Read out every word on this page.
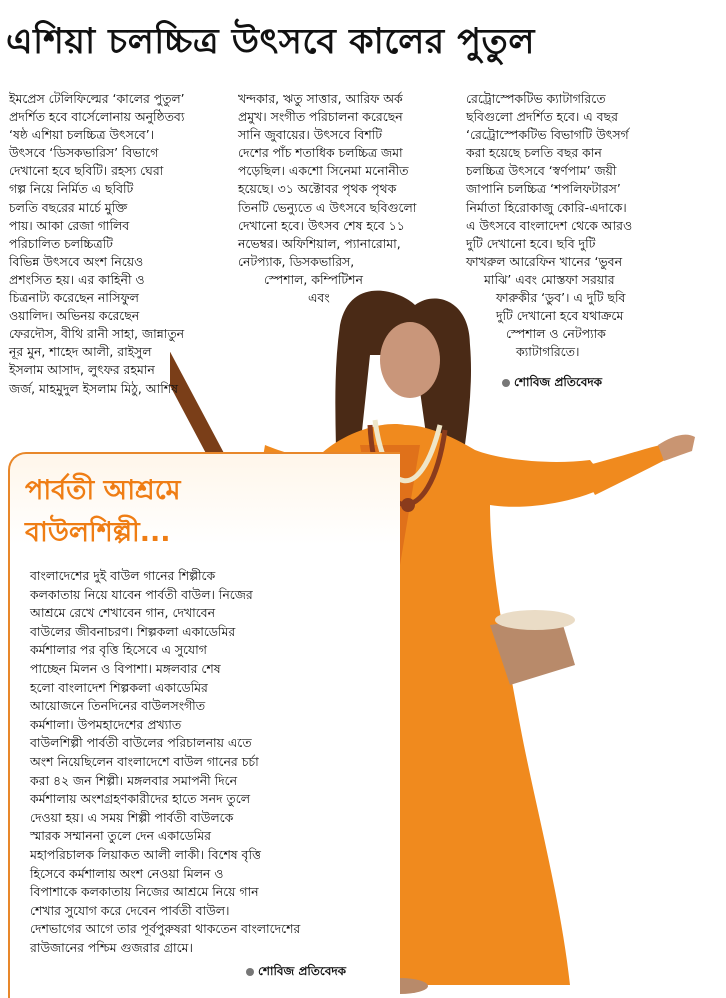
এশিয়া চলচ্চিত্র উৎসবে কালের পুতুল
ইমপ্রেস টেলিফিল্মের ‘কালের পুতুল’
প্রদর্শিত হবে বার্সেলোনায় অনুষ্ঠিতব্য
‘ষষ্ঠ এশিয়া চলচ্চিত্র উৎসবে’।
উৎসবে ‘ডিসকভারিস’ বিভাগে
দেখানো হবে ছবিটি। রহস্য ঘেরা
গল্প নিয়ে নির্মিত এ ছবিটি
চলতি বছরের মার্চে মুক্তি
পায়। আকা রেজা গালিব
পরিচালিত চলচ্চিত্রটি
বিভিন্ন উৎসবে অংশ নিয়েও
প্রশংসিত হয়। এর কাহিনী ও
চিত্রনাট্য করেছেন নাসিফুল
ওয়ালিদ। অভিনয় করেছেন
ফেরদৌস, বীথি রানী সাহা, জান্নাতুন
নূর মুন, শাহেদ আলী, রাইসুল
ইসলাম আসাদ, লুৎফর রহমান
জর্জ, মাহমুদুল ইসলাম মিঠু, আশিষ
খন্দকার, ঋতু সাত্তার, আরিফ অর্ক
প্রমুখ। সংগীত পরিচালনা করেছেন
সানি জুবায়ের। উৎসবে বিশটি
দেশের পাঁচ শতাধিক চলচ্চিত্র জমা
পড়েছিল। একশো সিনেমা মনোনীত
হয়েছে। ৩১ অক্টোবর পৃথক পৃথক
তিনটি ভেন্যুতে এ উৎসবে ছবিগুলো
দেখানো হবে। উৎসব শেষ হবে ১১
নভেম্বর। অফিশিয়াল, প্যানারোমা,
নেটপ্যাক, ডিসকভারিস,
স্পেশাল, কম্পিটিশন
এবং
রেট্রোস্পেকটিভ ক্যাটাগরিতে
ছবিগুলো প্রদর্শিত হবে। এ বছর
‘রেট্রোস্পেকটিভ বিভাগটি উৎসর্গ
করা হয়েছে চলতি বছর কান
চলচ্চিত্র উৎসবে ‘স্বর্ণপাম’ জয়ী
জাপানি চলচ্চিত্র ‘শপলিফটারস’
নির্মাতা হিরোকাজু কোরি-এদাকে।
এ উৎসবে বাংলাদেশ থেকে আরও
দুটি দেখানো হবে। ছবি দুটি
ফাখরুল আরেফিন খানের ‘ভুবন
মাঝি’ এবং মোস্তফা সরয়ার
ফারুকীর ‘ডুব’। এ দুটি ছবি
দুটি দেখানো হবে যথাক্রমে
স্পেশাল ও নেটপ্যাক
ক্যাটাগরিতে।
শোবিজ প্রতিবেদক
পার্বতী আশ্রমে
বাউলশিল্পী...
বাংলাদেশের দুই বাউল গানের শিল্পীকে
কলকাতায় নিয়ে যাবেন পার্বতী বাউল। নিজের
আশ্রমে রেখে শেখাবেন গান, দেখাবেন
বাউলের জীবনাচরণ। শিল্পকলা একাডেমির
কর্মশালার পর বৃত্তি হিসেবে এ সুযোগ
পাচ্ছেন মিলন ও বিপাশা। মঙ্গলবার শেষ
হলো বাংলাদেশ শিল্পকলা একাডেমির
আয়োজনে তিনদিনের বাউলসংগীত
কর্মশালা। উপমহাদেশের প্রখ্যাত
বাউলশিল্পী পার্বতী বাউলের পরিচালনায় এতে
অংশ নিয়েছিলেন বাংলাদেশে বাউল গানের চর্চা
করা ৪২ জন শিল্পী। মঙ্গলবার সমাপনী দিনে
কর্মশালায় অংশগ্রহণকারীদের হাতে সনদ তুলে
দেওয়া হয়। এ সময় শিল্পী পার্বতী বাউলকে
স্মারক সম্মাননা তুলে দেন একাডেমির
মহাপরিচালক লিয়াকত আলী লাকী। বিশেষ বৃত্তি
হিসেবে কর্মশালায় অংশ নেওয়া মিলন ও
বিপাশাকে কলকাতায় নিজের আশ্রমে নিয়ে গান
শেখার সুযোগ করে দেবেন পার্বতী বাউল।
দেশভাগের আগে তার পূর্বপুরুষরা থাকতেন বাংলাদেশের
রাউজানের পশ্চিম গুজরার গ্রামে।
শোবিজ প্রতিবেদক
